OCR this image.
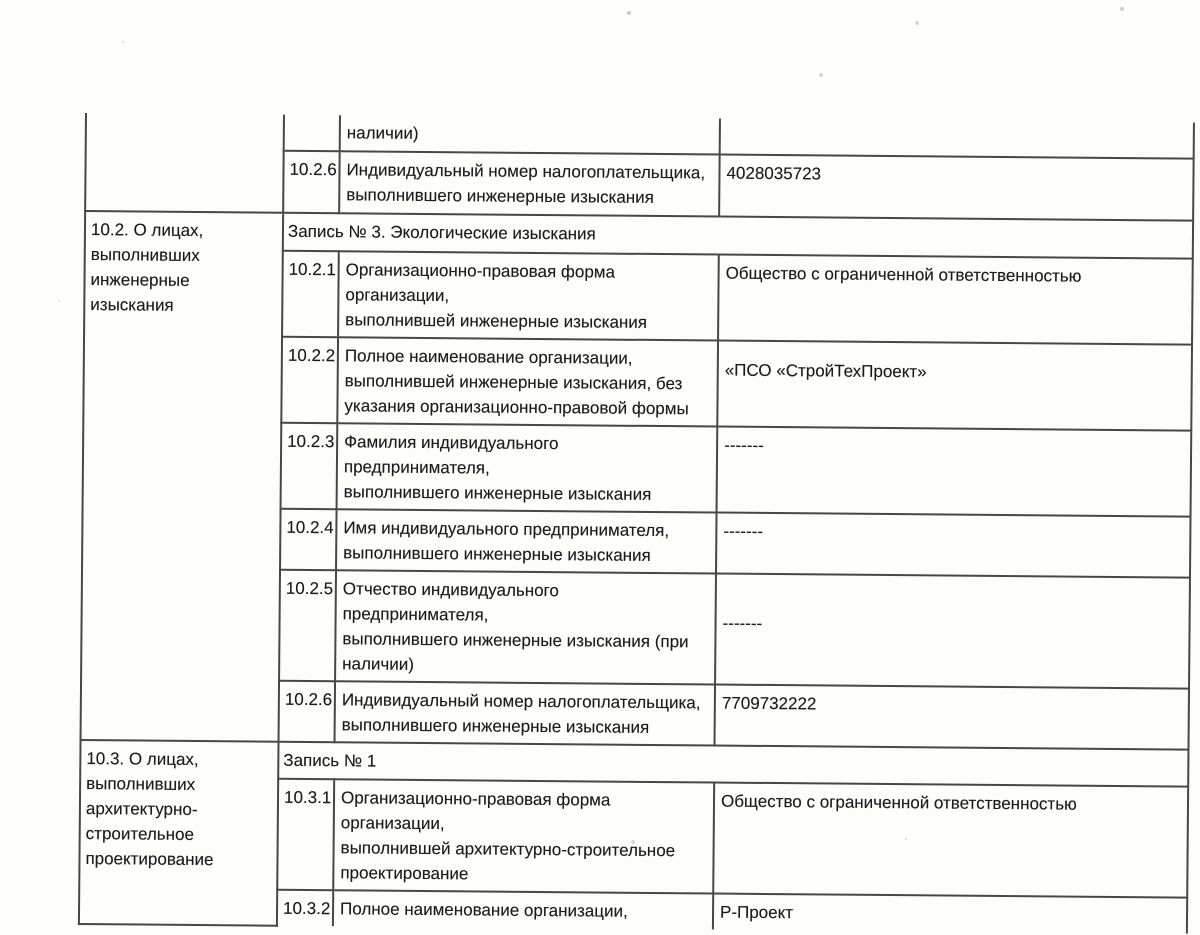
		наличии)	
	10.2.6	Индивидуальный номер налогоплательщика,
выполнившего инженерные изыскания	4028035723
10.2. О лицах,
выполнивших
инженерные
изыскания	Запись № 3. Экологические изыскания		
	10.2.1	Организационно-правовая форма организации,
выполнившей инженерные изыскания	Общество с ограниченной ответственностью
	10.2.2	Полное наименование организации,
выполнившей инженерные изыскания, без
указания организационно-правовой формы	«ПСО «СтройТехПроект»
	10.2.3	Фамилия индивидуального предпринимателя,
выполнившего инженерные изыскания	-------
	10.2.4	Имя индивидуального предпринимателя,
выполнившего инженерные изыскания	-------
	10.2.5	Отчество индивидуального предпринимателя,
выполнившего инженерные изыскания (при
наличии)	-------
	10.2.6	Индивидуальный номер налогоплательщика,
выполнившего инженерные изыскания	7709732222
10.3. О лицах,
выполнивших
архитектурно-
строительное
проектирование	Запись № 1		
	10.3.1	Организационно-правовая форма организации,
выполнившей архитектурно-строительное
проектирование	Общество с ограниченной ответственностью
	10.3.2	Полное наименование организации,	Р-Проект
